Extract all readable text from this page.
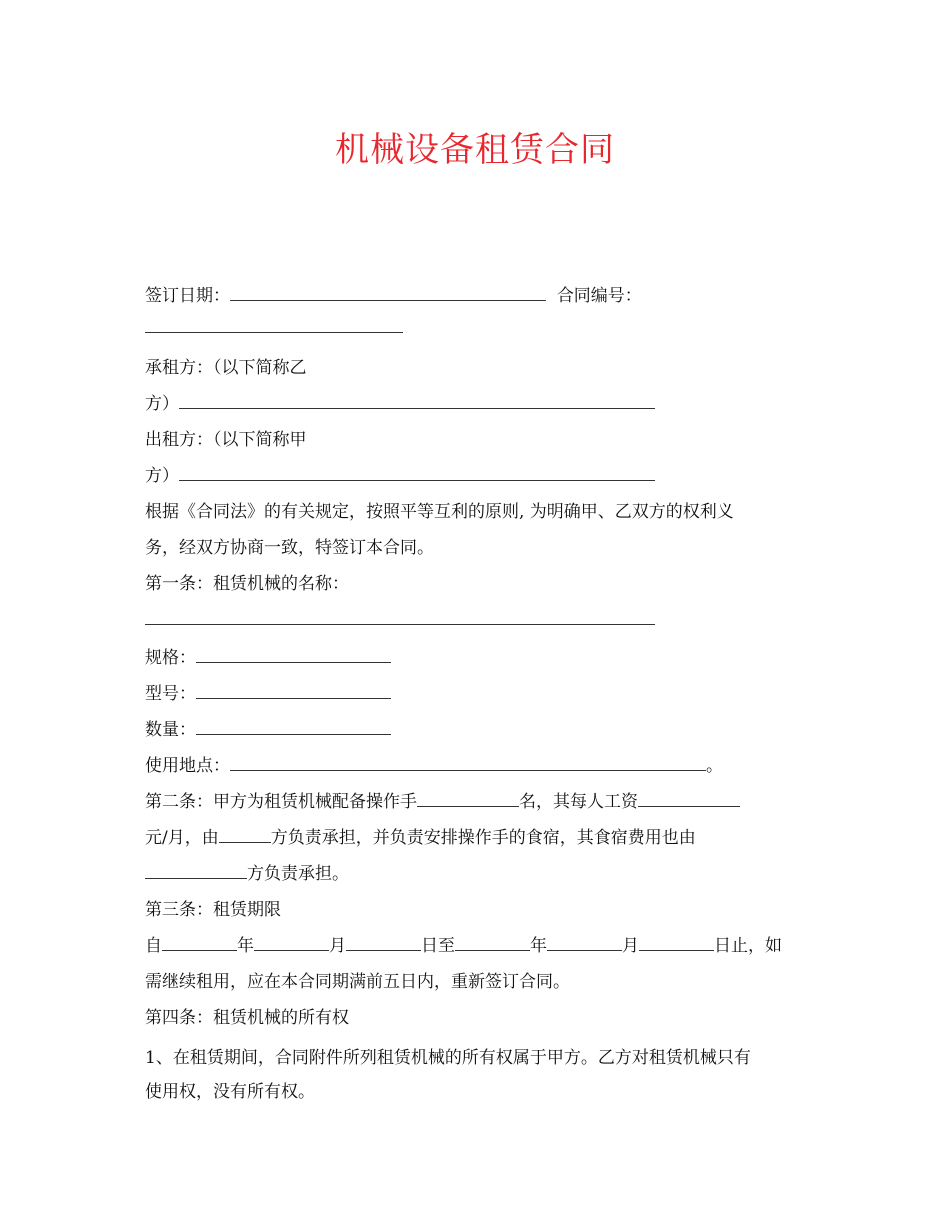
机械设备租赁合同
签订日期：	合同编号：
承租方：（以下简称乙
方）
出租方：（以下简称甲
方）
根据《合同法》的有关规定，按照平等互利的原则, 为明确甲、乙双方的权利义
务，经双方协商一致，特签订本合同。
第一条：租赁机械的名称：
规格：
型号：
数量：
使用地点：	。
第二条：甲方为租赁机械配备操作手	名，其每人工资
元/月，由	方负责承担，并负责安排操作手的食宿，其食宿费用也由
方负责承担。
第三条：租赁期限
自	年	月	日至	年	月	日止，如
需继续租用，应在本合同期满前五日内，重新签订合同。
第四条：租赁机械的所有权
1、在租赁期间，合同附件所列租赁机械的所有权属于甲方。乙方对租赁机械只有
使用权，没有所有权。
